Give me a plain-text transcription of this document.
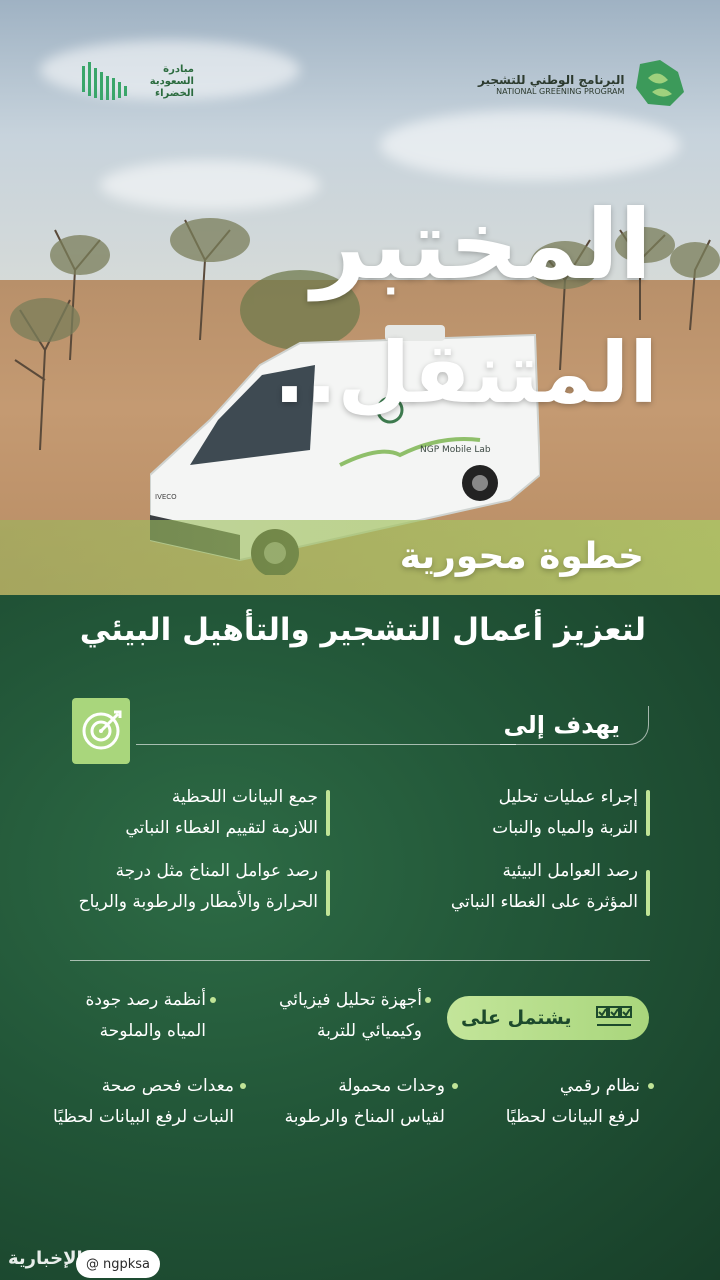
NGP Mobile Lab
IVECO
مبادرة السعودية الخضراء
البرنامج الوطني للتشجير
NATIONAL GREENING PROGRAM
المختبر
المتنقل..
خطوة محورية
لتعزيز أعمال التشجير والتأهيل البيئي
يهدف إلى
إجراء عمليات تحليل
التربة والمياه والنبات
جمع البيانات اللحظية
اللازمة لتقييم الغطاء النباتي
رصد العوامل البيئية
المؤثرة على الغطاء النباتي
رصد عوامل المناخ مثل درجة
الحرارة والأمطار والرطوبة والرياح
يشتمل على
أجهزة تحليل فيزيائي
وكيميائي للتربة
أنظمة رصد جودة
المياه والملوحة
نظام رقمي
لرفع البيانات لحظيًا
وحدات محمولة
لقياس المناخ والرطوبة
معدات فحص صحة
النبات لرفع البيانات لحظيًا
@ ngpksa
الإخبارية
